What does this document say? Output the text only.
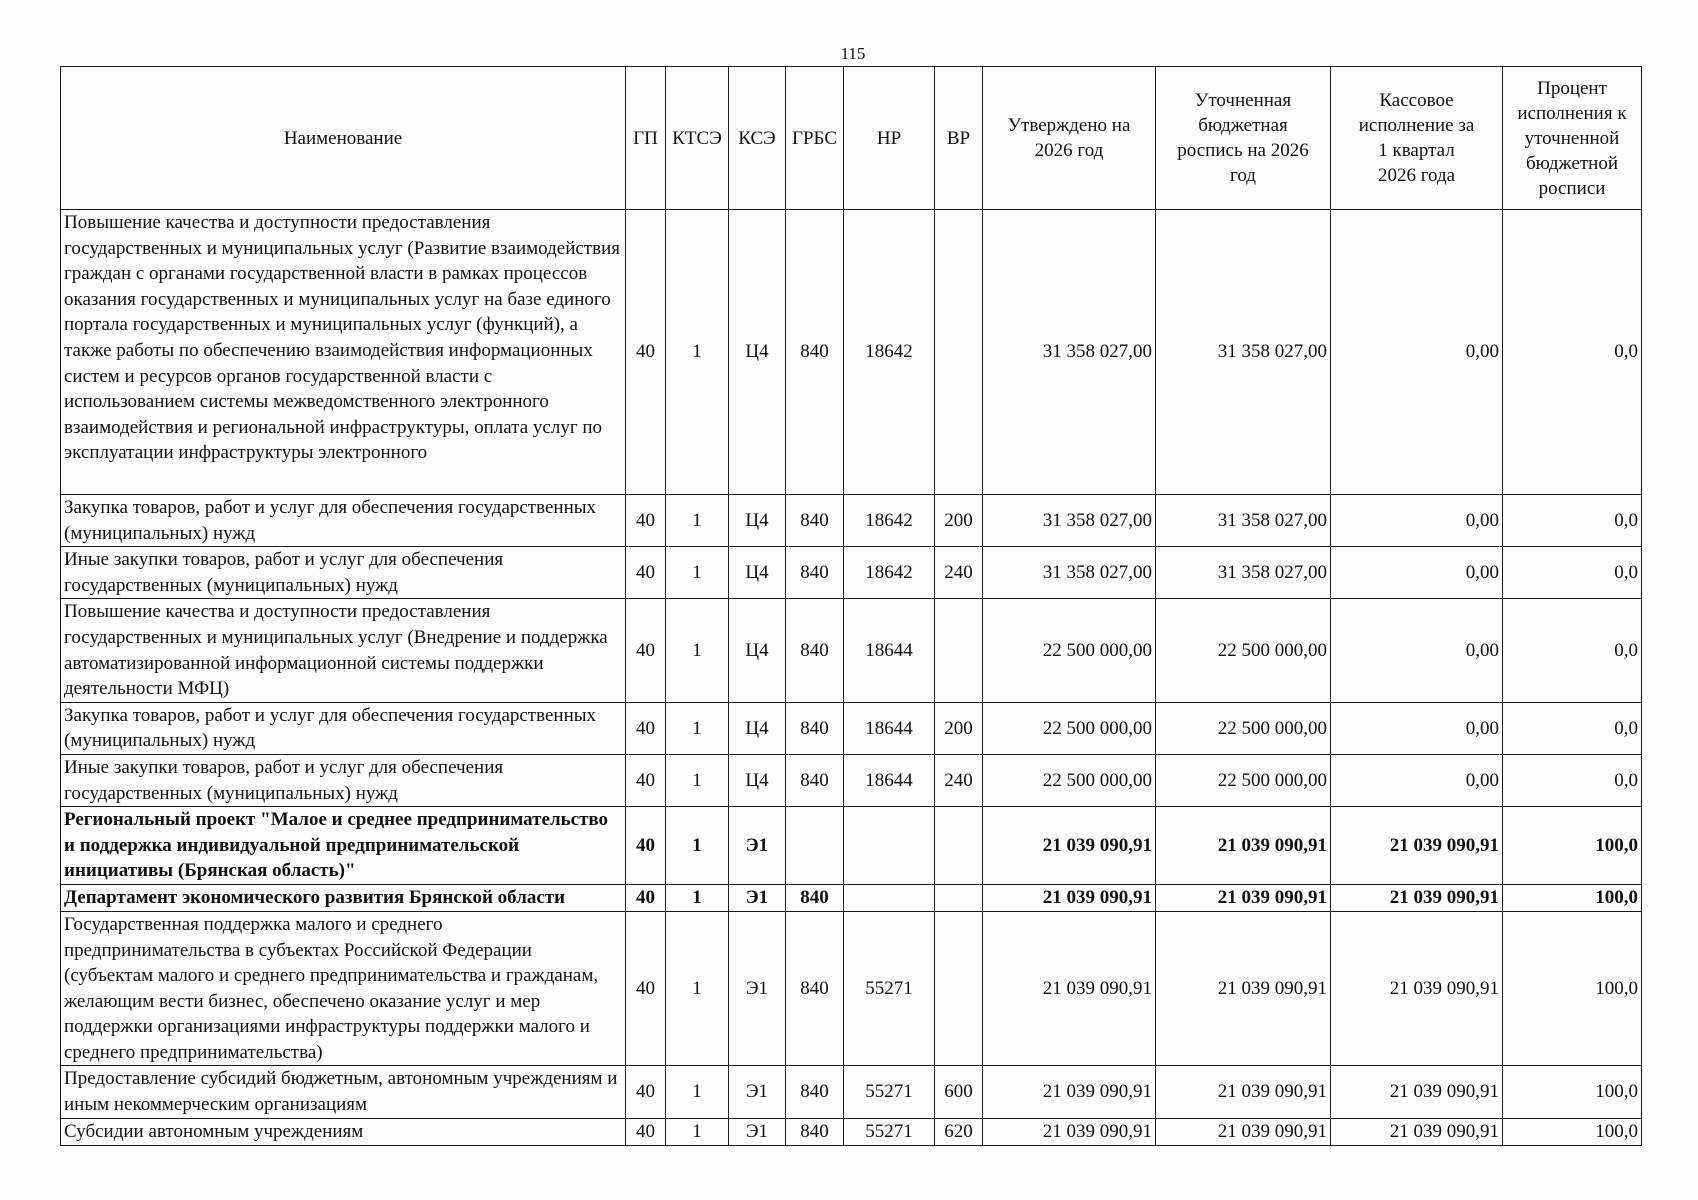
115
Наименование	ГП	КТСЭ	КСЭ	ГРБС	НР	ВР	Утверждено на 2026 год	Уточненная бюджетная роспись на 2026 год	Кассовое исполнение за 1 квартал 2026 года	Процент исполнения к уточненной бюджетной росписи
Повышение качества и доступности предоставления государственных и муниципальных услуг (Развитие взаимодействия граждан с органами государственной власти в рамках процессов оказания государственных и муниципальных услуг на базе единого портала государственных и муниципальных услуг (функций), а также работы по обеспечению взаимодействия информационных систем и ресурсов органов государственной власти с использованием системы межведомственного электронного взаимодействия и региональной инфраструктуры, оплата услуг по эксплуатации инфраструктуры электронного	40	1	Ц4	840	18642		31 358 027,00	31 358 027,00	0,00	0,0
Закупка товаров, работ и услуг для обеспечения государственных (муниципальных) нужд	40	1	Ц4	840	18642	200	31 358 027,00	31 358 027,00	0,00	0,0
Иные закупки товаров, работ и услуг для обеспечения государственных (муниципальных) нужд	40	1	Ц4	840	18642	240	31 358 027,00	31 358 027,00	0,00	0,0
Повышение качества и доступности предоставления государственных и муниципальных услуг (Внедрение и поддержка автоматизированной информационной системы поддержки деятельности МФЦ)	40	1	Ц4	840	18644		22 500 000,00	22 500 000,00	0,00	0,0
Закупка товаров, работ и услуг для обеспечения государственных (муниципальных) нужд	40	1	Ц4	840	18644	200	22 500 000,00	22 500 000,00	0,00	0,0
Иные закупки товаров, работ и услуг для обеспечения государственных (муниципальных) нужд	40	1	Ц4	840	18644	240	22 500 000,00	22 500 000,00	0,00	0,0
Региональный проект "Малое и среднее предпринимательство и поддержка индивидуальной предпринимательской инициативы (Брянская область)"	40	1	Э1				21 039 090,91	21 039 090,91	21 039 090,91	100,0
Департамент экономического развития Брянской области	40	1	Э1	840			21 039 090,91	21 039 090,91	21 039 090,91	100,0
Государственная поддержка малого и среднего предпринимательства в субъектах Российской Федерации (субъектам малого и среднего предпринимательства и гражданам, желающим вести бизнес, обеспечено оказание услуг и мер поддержки организациями инфраструктуры поддержки малого и среднего предпринимательства)	40	1	Э1	840	55271		21 039 090,91	21 039 090,91	21 039 090,91	100,0
Предоставление субсидий бюджетным, автономным учреждениям и иным некоммерческим организациям	40	1	Э1	840	55271	600	21 039 090,91	21 039 090,91	21 039 090,91	100,0
Субсидии автономным учреждениям	40	1	Э1	840	55271	620	21 039 090,91	21 039 090,91	21 039 090,91	100,0
